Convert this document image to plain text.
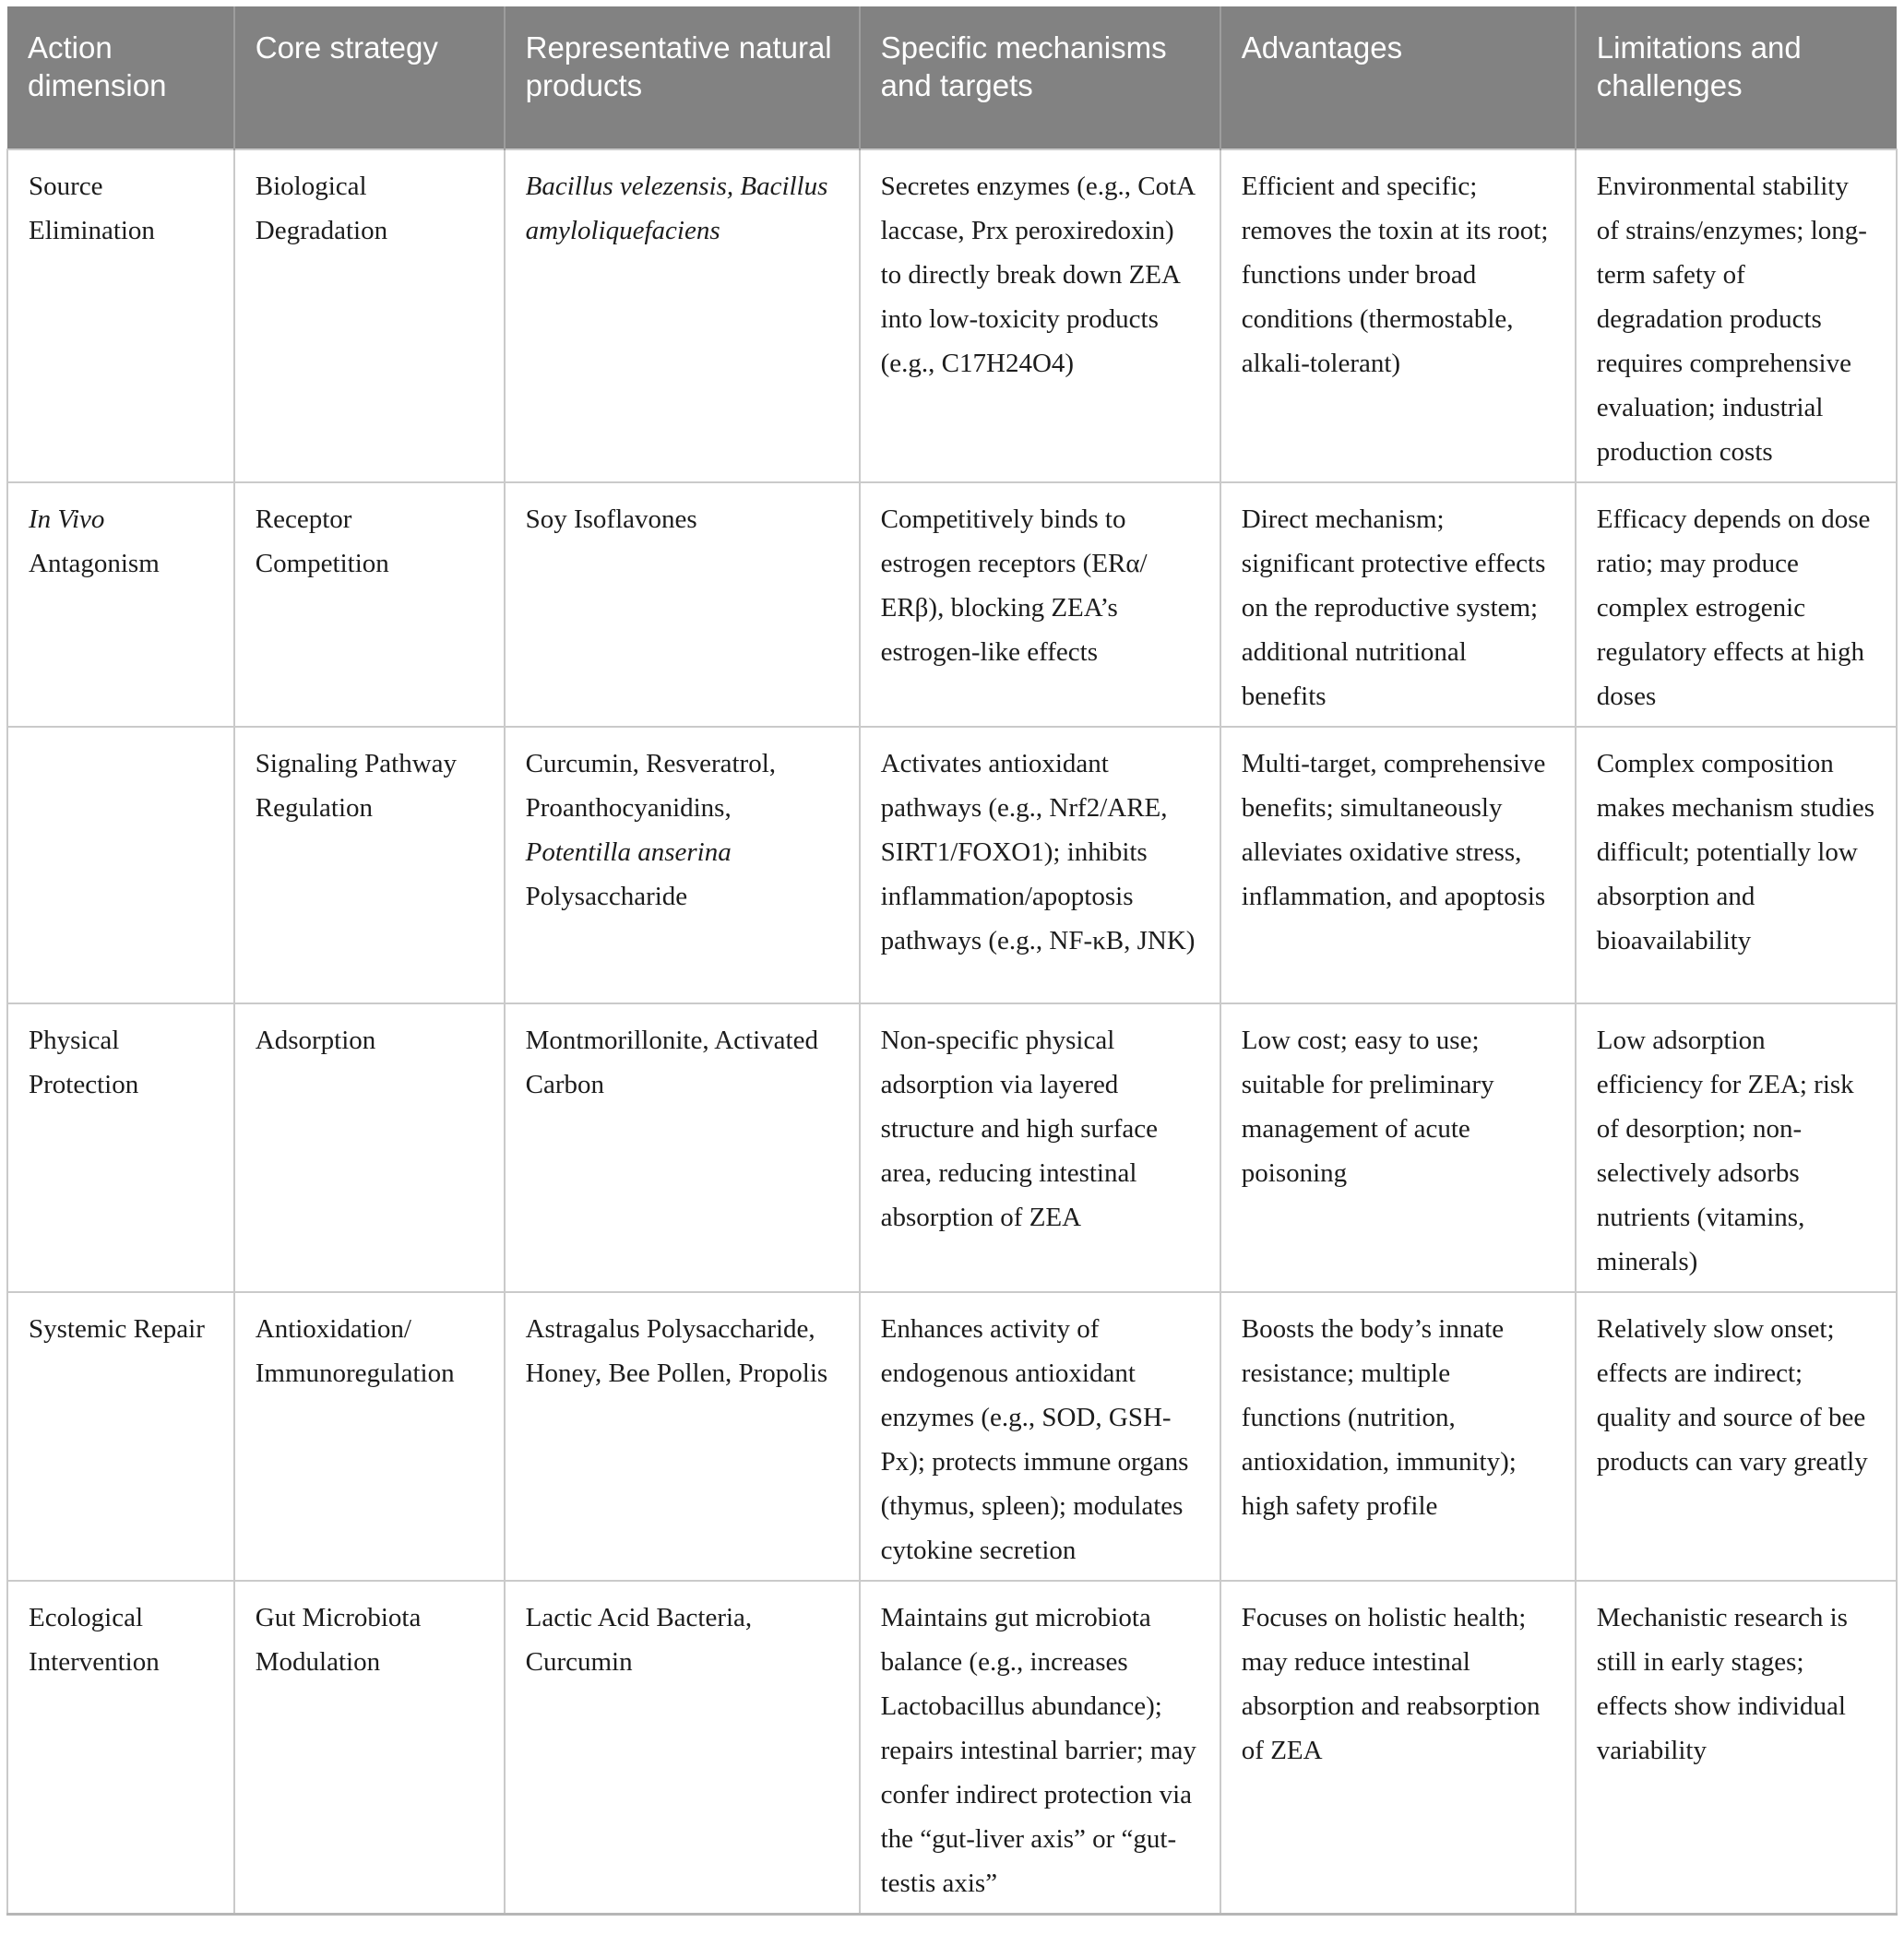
Action dimension	Core strategy	Representative natural products	Specific mechanisms and targets	Advantages	Limitations and challenges
Source Elimination	Biological Degradation	Bacillus velezensis, Bacillus amyloliquefaciens	Secretes enzymes (e.g., CotA laccase, Prx peroxiredoxin) to directly break down ZEA into low-toxicity products (e.g., C17H24O4)	Efficient and specific; removes the toxin at its root; functions under broad conditions (thermostable, alkali-tolerant)	Environmental stability of strains/​enzymes; long-term safety of degradation products requires comprehensive evaluation; industrial production costs
In Vivo Antagonism	Receptor Competition	Soy Isoflavones	Competitively binds to estrogen receptors (ERα/​ERβ), blocking ZEA’s estrogen-like effects	Direct mechanism; significant protective effects on the reproductive system; additional nutritional benefits	Efficacy depends on dose ratio; may produce complex estrogenic regulatory effects at high doses
	Signaling Pathway Regulation	Curcumin, Resveratrol, Proanthocyanidins, Potentilla anserina Polysaccharide	Activates antioxidant pathways (e.g., Nrf2/​ARE, SIRT1/​FOXO1); inhibits inflammation/​apoptosis pathways (e.g., NF-κB, JNK)	Multi-target, comprehensive benefits; simultaneously alleviates oxidative stress, inflammation, and apoptosis	Complex composition makes mechanism studies difficult; potentially low absorption and bioavailability
Physical Protection	Adsorption	Montmorillonite, Activated Carbon	Non-specific physical adsorption via layered structure and high surface area, reducing intestinal absorption of ZEA	Low cost; easy to use; suitable for preliminary management of acute poisoning	Low adsorption efficiency for ZEA; risk of desorption; non-selectively adsorbs nutrients (vitamins, minerals)
Systemic Repair	Antioxidation/​Immunoregulation	Astragalus Polysaccharide, Honey, Bee Pollen, Propolis	Enhances activity of endogenous antioxidant enzymes (e.g., SOD, GSH-Px); protects immune organs (thymus, spleen); modulates cytokine secretion	Boosts the body’s innate resistance; multiple functions (nutrition, antioxidation, immunity); high safety profile	Relatively slow onset; effects are indirect; quality and source of bee products can vary greatly
Ecological Intervention	Gut Microbiota Modulation	Lactic Acid Bacteria, Curcumin	Maintains gut microbiota balance (e.g., increases Lactobacillus abundance); repairs intestinal barrier; may confer indirect protection via the “gut-liver axis” or “gut-testis axis”	Focuses on holistic health; may reduce intestinal absorption and reabsorption of ZEA	Mechanistic research is still in early stages; effects show individual variability
